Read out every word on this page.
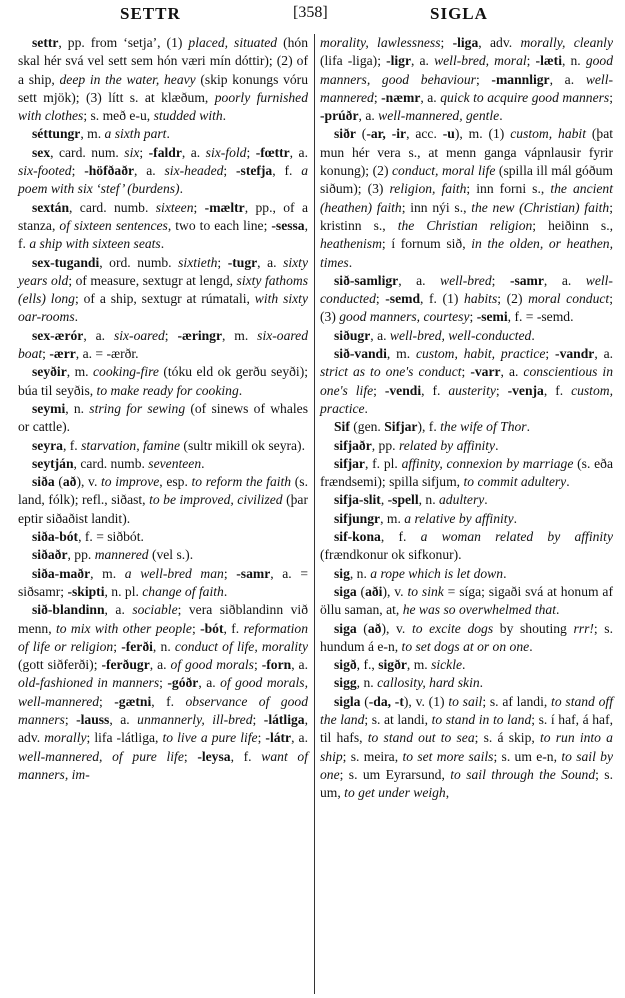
SETTR	[358]	SIGLA

settr, pp. from ‘setja’, (1) placed, situated (hón skal hér svá vel sett sem hón væri mín dóttir); (2) of a ship, deep in the water, heavy (skip konungs vóru sett mjök); (3) lítt s. at klæðum, poorly furnished with clothes; s. með e-u, studded with.

séttungr, m. a sixth part.

sex, card. num. six; -faldr, a. six-fold; -fœttr, a. six-footed; -höfðaðr, a. six-headed; -stefja, f. a poem with six ‘stef’ (burdens).

sextán, card. numb. sixteen; -mæltr, pp., of a stanza, of sixteen sentences, two to each line; -sessa, f. a ship with sixteen seats.

sex-tugandi, ord. numb. sixtieth; -tugr, a. sixty years old; of measure, sextugr at lengd, sixty fathoms (ells) long; of a ship, sextugr at rúmatali, with sixty oar-rooms.

sex-ærór, a. six-oared; -æringr, m. six-oared boat; -ærr, a. = -ærðr.

seyðir, m. cooking-fire (tóku eld ok gerðu seyði); búa til seyðis, to make ready for cooking.

seymi, n. string for sewing (of sinews of whales or cattle).

seyra, f. starvation, famine (sultr mikill ok seyra).

seytján, card. numb. seventeen.

siða (að), v. to improve, esp. to reform the faith (s. land, fólk); refl., siðast, to be improved, civilized (þar eptir siðaðist landit).

siða-bót, f. = siðbót.

siðaðr, pp. mannered (vel s.).

siða-maðr, m. a well-bred man; -samr, a. = siðsamr; -skipti, n. pl. change of faith.

sið-blandinn, a. sociable; vera siðblandinn við menn, to mix with other people; -bót, f. reformation of life or religion; -ferði, n. conduct of life, morality (gott siðferði); -ferðugr, a. of good morals; -forn, a. old-fashioned in manners; -góðr, a. of good morals, well-mannered; -gætni, f. observance of good manners; -lauss, a. unmannerly, ill-bred; -látliga, adv. morally; lifa -látliga, to live a pure life; -látr, a. well-mannered, of pure life; -leysa, f. want of manners, im-

morality, lawlessness; -liga, adv. morally, cleanly (lifa -liga); -ligr, a. well-bred, moral; -læti, n. good manners, good behaviour; -mannligr, a. well-mannered; -næmr, a. quick to acquire good manners; -prúðr, a. well-mannered, gentle.

siðr (-ar, -ir, acc. -u), m. (1) custom, habit (þat mun hér vera s., at menn ganga vápnlausir fyrir konung); (2) conduct, moral life (spilla ill mál góðum siðum); (3) religion, faith; inn forni s., the ancient (heathen) faith; inn nýi s., the new (Christian) faith; kristinn s., the Christian religion; heiðinn s., heathenism; í fornum sið, in the olden, or heathen, times.

sið-samligr, a. well-bred; -samr, a. well-conducted; -semd, f. (1) habits; (2) moral conduct; (3) good manners, courtesy; -semi, f. = -semd.

siðugr, a. well-bred, well-conducted.

sið-vandi, m. custom, habit, practice; -vandr, a. strict as to one's conduct; -varr, a. conscientious in one's life; -vendi, f. austerity; -venja, f. custom, practice.

Sif (gen. Sifjar), f. the wife of Thor.

sifjaðr, pp. related by affinity.

sifjar, f. pl. affinity, connexion by marriage (s. eða frændsemi); spilla sifjum, to commit adultery.

sifja-slit, -spell, n. adultery.

sifjungr, m. a relative by affinity.

sif-kona, f. a woman related by affinity (frændkonur ok sifkonur).

sig, n. a rope which is let down.

siga (aði), v. to sink = síga; sigaði svá at honum af öllu saman, at, he was so overwhelmed that.

siga (að), v. to excite dogs by shouting rrr!; s. hundum á e-n, to set dogs at or on one.

sigð, f., sigðr, m. sickle.

sigg, n. callosity, hard skin.

sigla (-da, -t), v. (1) to sail; s. af landi, to stand off the land; s. at landi, to stand in to land; s. í haf, á haf, til hafs, to stand out to sea; s. á skip, to run into a ship; s. meira, to set more sails; s. um e-n, to sail by one; s. um Eyrarsund, to sail through the Sound; s. um, to get under weigh,
